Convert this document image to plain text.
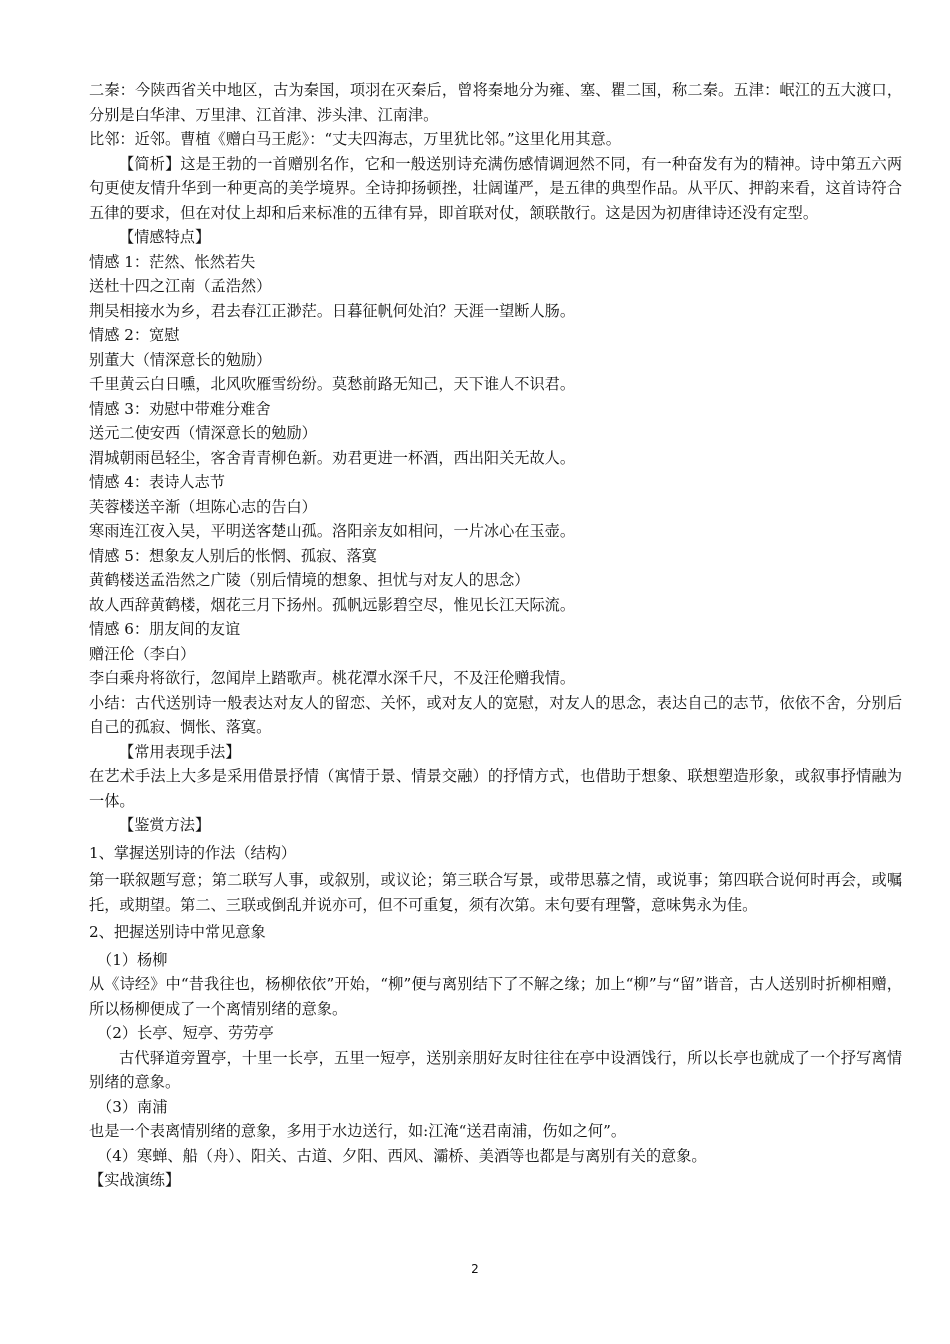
二秦：今陕西省关中地区，古为秦国，项羽在灭秦后，曾将秦地分为雍、塞、瞿二国，称二秦。五津：岷江的五大渡口，分别是白华津、万里津、江首津、涉头津、江南津。

比邻：近邻。曹植《赠白马王彪》：“丈夫四海志，万里犹比邻。”这里化用其意。

【简析】这是王勃的一首赠别名作，它和一般送别诗充满伤感情调迥然不同，有一种奋发有为的精神。诗中第五六两句更使友情升华到一种更高的美学境界。全诗抑扬顿挫，壮阔谨严，是五律的典型作品。从平仄、押韵来看，这首诗符合五律的要求，但在对仗上却和后来标准的五律有异，即首联对仗，颔联散行。这是因为初唐律诗还没有定型。

【情感特点】

情感 1：茫然、怅然若失

送杜十四之江南（孟浩然）

荆吴相接水为乡，君去春江正渺茫。日暮征帆何处泊？天涯一望断人肠。

情感 2：宽慰

别董大（情深意长的勉励）

千里黄云白日曛，北风吹雁雪纷纷。莫愁前路无知己，天下谁人不识君。

情感 3：劝慰中带难分难舍

送元二使安西（情深意长的勉励）

渭城朝雨邑轻尘，客舍青青柳色新。劝君更进一杯酒，西出阳关无故人。

情感 4：表诗人志节

芙蓉楼送辛渐（坦陈心志的告白）

寒雨连江夜入吴，平明送客楚山孤。洛阳亲友如相问，一片冰心在玉壶。

情感 5：想象友人别后的怅惘、孤寂、落寞

黄鹤楼送孟浩然之广陵（别后情境的想象、担忧与对友人的思念）

故人西辞黄鹤楼，烟花三月下扬州。孤帆远影碧空尽，惟见长江天际流。

情感 6：朋友间的友谊

赠汪伦（李白）

李白乘舟将欲行，忽闻岸上踏歌声。桃花潭水深千尺，不及汪伦赠我情。

小结：古代送别诗一般表达对友人的留恋、关怀，或对友人的宽慰，对友人的思念，表达自己的志节，依依不舍，分别后自己的孤寂、惆怅、落寞。

【常用表现手法】

在艺术手法上大多是采用借景抒情（寓情于景、情景交融）的抒情方式，也借助于想象、联想塑造形象，或叙事抒情融为一体。

【鉴赏方法】

1、掌握送别诗的作法（结构）

第一联叙题写意；第二联写人事，或叙别，或议论；第三联合写景，或带思慕之情，或说事；第四联合说何时再会，或嘱托，或期望。第二、三联或倒乱并说亦可，但不可重复，须有次第。末句要有理警，意味隽永为佳。

2、把握送别诗中常见意象

（1）杨柳

从《诗经》中“昔我往也，杨柳依依”开始，“柳”便与离别结下了不解之缘；加上“柳”与“留”谐音，古人送别时折柳相赠，所以杨柳便成了一个离情别绪的意象。

（2）长亭、短亭、劳劳亭

古代驿道旁置亭，十里一长亭，五里一短亭，送别亲朋好友时往往在亭中设酒饯行，所以长亭也就成了一个抒写离情别绪的意象。

（3）南浦

也是一个表离情别绪的意象，多用于水边送行，如:江淹“送君南浦，伤如之何”。

（4）寒蝉、船（舟）、阳关、古道、夕阳、西风、灞桥、美酒等也都是与离别有关的意象。

【实战演练】

2
